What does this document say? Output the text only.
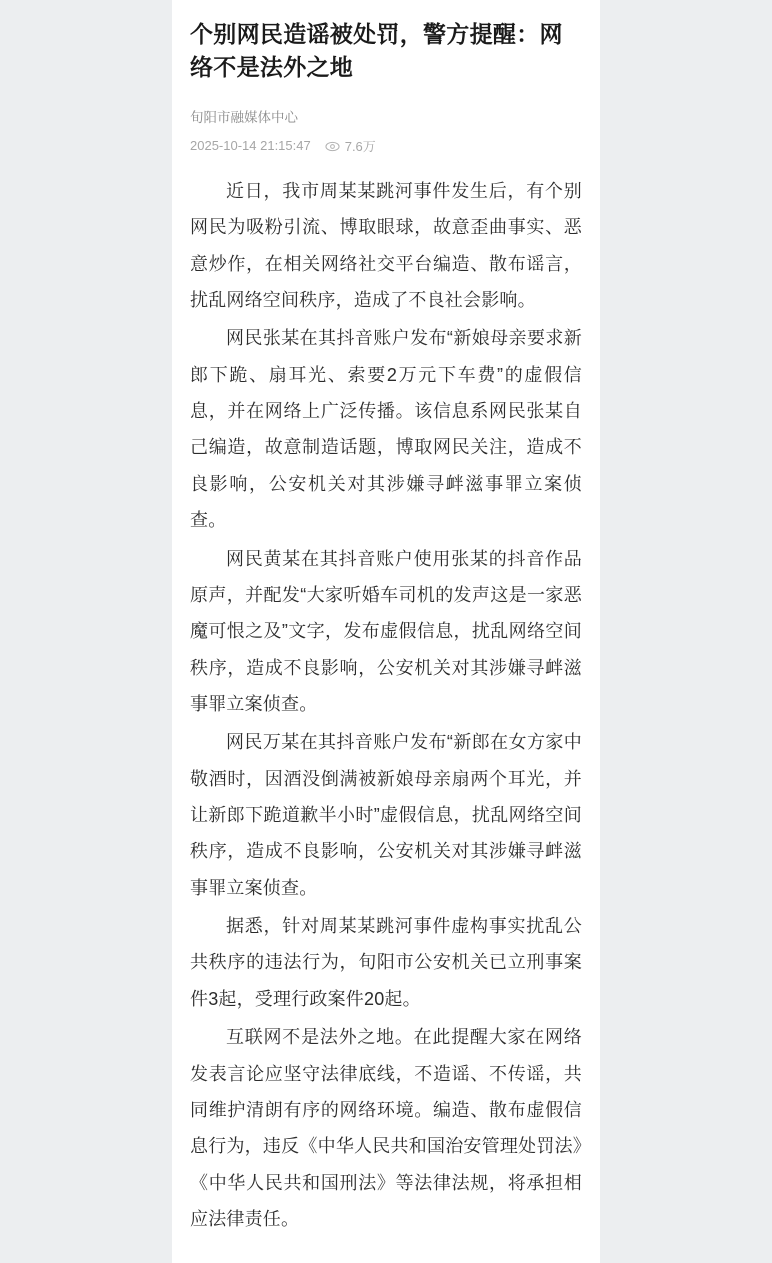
个别网民造谣被处罚，警方提醒：网络不是法外之地
旬阳市融媒体中心
2025-10-14 21:15:47	7.6万

近日，我市周某某跳河事件发生后，有个别网民为吸粉引流、博取眼球，故意歪曲事实、恶意炒作，在相关网络社交平台编造、散布谣言，扰乱网络空间秩序，造成了不良社会影响。

网民张某在其抖音账户发布“新娘母亲要求新郎下跪、扇耳光、索要2万元下车费”的虚假信息，并在网络上广泛传播。该信息系网民张某自己编造，故意制造话题，博取网民关注，造成不良影响，公安机关对其涉嫌寻衅滋事罪立案侦查。

网民黄某在其抖音账户使用张某的抖音作品原声，并配发“大家听婚车司机的发声这是一家恶魔可恨之及”文字，发布虚假信息，扰乱网络空间秩序，造成不良影响，公安机关对其涉嫌寻衅滋事罪立案侦查。

网民万某在其抖音账户发布“新郎在女方家中敬酒时，因酒没倒满被新娘母亲扇两个耳光，并让新郎下跪道歉半小时”虚假信息，扰乱网络空间秩序，造成不良影响，公安机关对其涉嫌寻衅滋事罪立案侦查。

据悉，针对周某某跳河事件虚构事实扰乱公共秩序的违法行为，旬阳市公安机关已立刑事案件3起，受理行政案件20起。

互联网不是法外之地。在此提醒大家在网络发表言论应坚守法律底线，不造谣、不传谣，共同维护清朗有序的网络环境。编造、散布虚假信息行为，违反《中华人民共和国治安管理处罚法》《中华人民共和国刑法》等法律法规，将承担相应法律责任。
